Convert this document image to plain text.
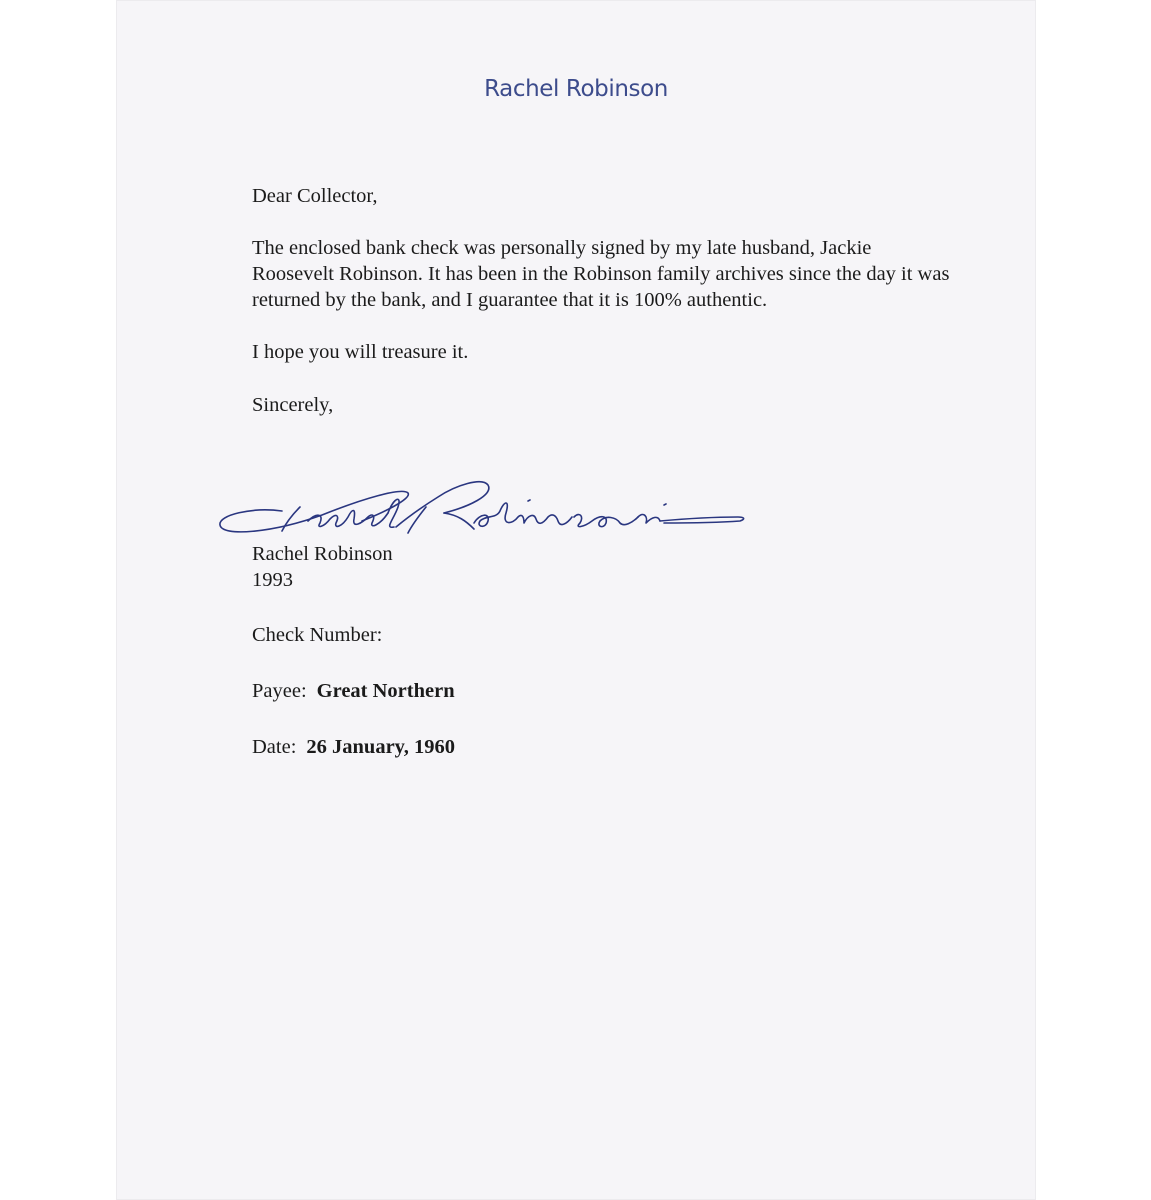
Rachel Robinson

Dear Collector,

The enclosed bank check was personally signed by my late husband, Jackie Roosevelt Robinson. It has been in the Robinson family archives since the day it was returned by the bank, and I guarantee that it is 100% authentic.

I hope you will treasure it.

Sincerely,

Rachel Robinson
1993
Check Number:
Payee: Great Northern
Date: 26 January, 1960
